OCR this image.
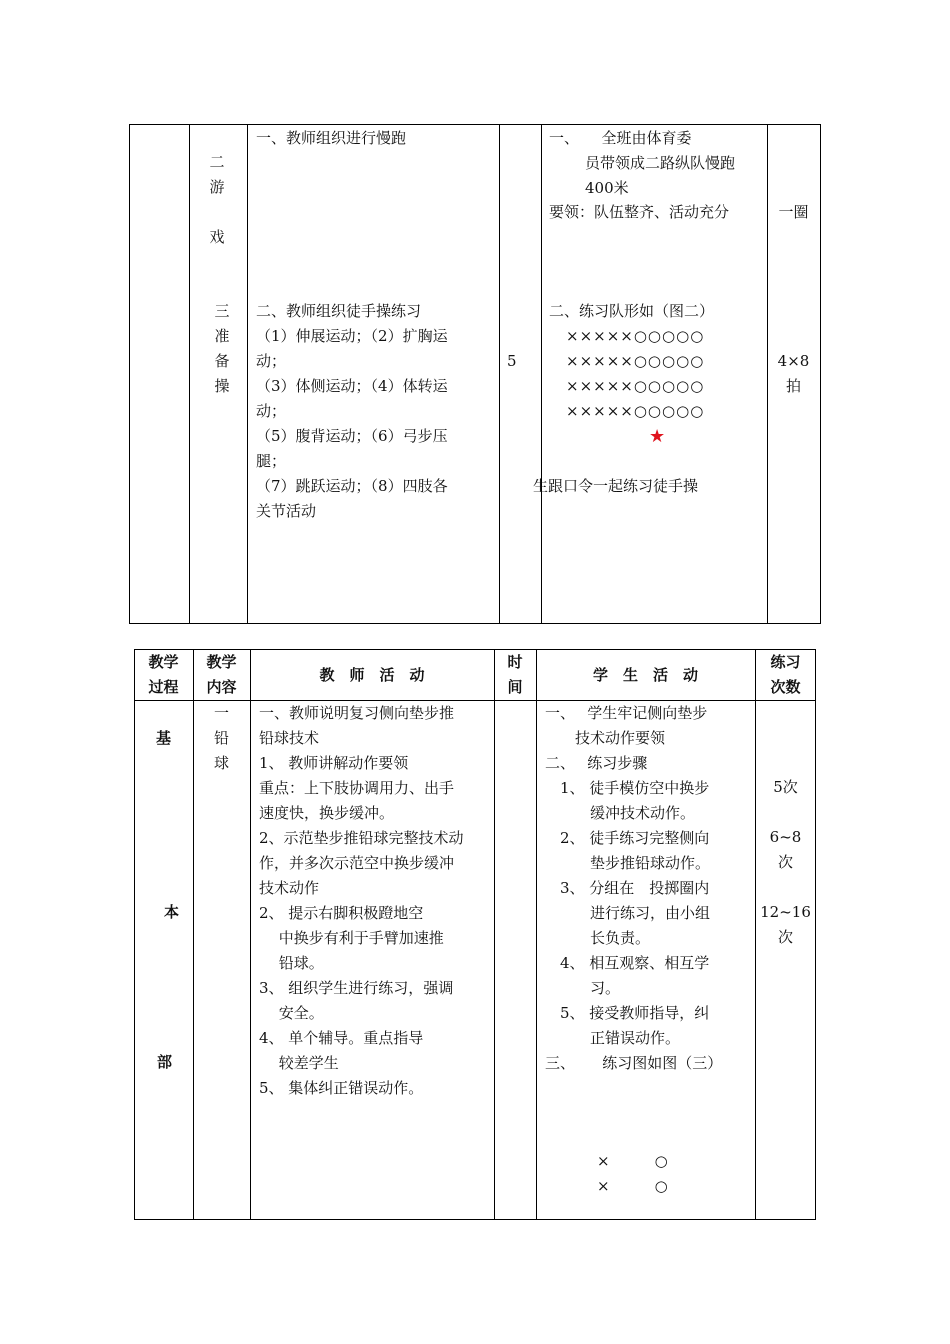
二
游
戏
三
准
备
操
一、教师组织进行慢跑
二、教师组织徒手操练习
（1）伸展运动；（2）扩胸运
动；
（3）体侧运动；（4）体转运
动；
（5）腹背运动；（6）弓步压
腿；
（7）跳跃运动；（8）四肢各
关节活动
5
一、　　全班由体育委
员带领成二路纵队慢跑
400米
要领：队伍整齐、活动充分
二、练习队形如（图二）
×××××○○○○○
×××××○○○○○
×××××○○○○○
×××××○○○○○
★
生跟口令一起练习徒手操
一圈
4×8
拍
教学
过程
教学
内容
教　师　活　动
时
间
学　生　活　动
练习
次数
基
本
部
一
铅
球
一、教师说明复习侧向垫步推
铅球技术
1、 教师讲解动作要领
重点：上下肢协调用力、出手
速度快，换步缓冲。
2、示范垫步推铅球完整技术动
作，并多次示范空中换步缓冲
技术动作
2、 提示右脚积极蹬地空
　 中换步有利于手臂加速推
　 铅球。
3、 组织学生进行练习，强调
　 安全。
4、 单个辅导。重点指导
　 较差学生
5、 集体纠正错误动作。
一、　 学生牢记侧向垫步
　　技术动作要领
二、　 练习步骤
　1、 徒手模仿空中换步
　　　缓冲技术动作。
　2、 徒手练习完整侧向
　　　垫步推铅球动作。
　3、 分组在　投掷圈内
　　　进行练习，由小组
　　　长负责。
　4、 相互观察、相互学
　　　习。
　5、 接受教师指导，纠
　　　正错误动作。
三、　　 练习图如图（三）
×　　　○
×　　　○
5次
6~8
次
12~16
次
